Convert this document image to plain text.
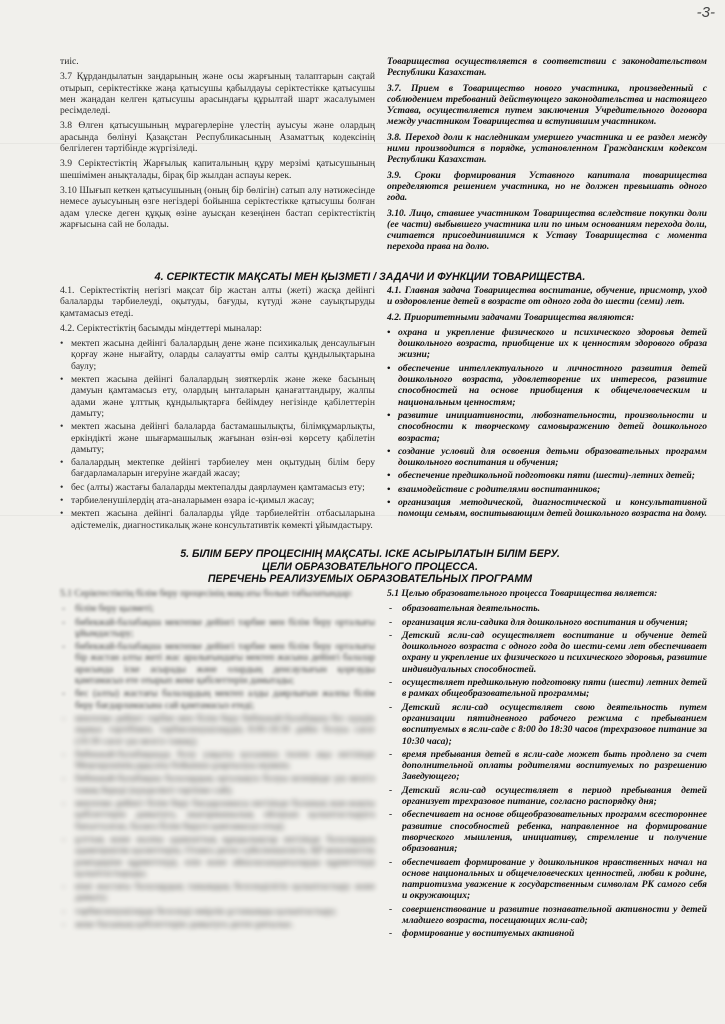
-3-

тиіс.

3.7 Құрдандылатын заңдарының және осы жарғының талаптарын сақтай отырып, серіктестікке жаңа қатысушы қабылдауы серіктестікке қатысушы мен жаңадан келген қатысушы арасындағы құрылтай шарт жасалуымен ресімделеді.

3.8 Өлген қатысушының мұрагерлеріне үлестің ауысуы және олардың арасында бөлінуі Қазақстан Республикасының Азаматтық кодексінің белгілеген тәртібінде жүргізіледі.

3.9 Серіктестіктің Жарғылық капиталының құру мерзімі қатысушының шешімімен анықталады, бірақ бір жылдан аспауы керек.

3.10 Шығып кеткен қатысушының (оның бір бөлігін) сатып алу нәтижесінде немесе ауысуының өзге негіздері бойынша серіктестікке қатысушы болған адам үлеске деген құқық өзіне ауысқан кезеңінен бастап серіктестіктің жарғысына сай не болады.

Товарищества осуществляется в соответствии с законодательством Республики Казахстан.

3.7. Прием в Товарищество нового участника, произведенный с соблюдением требований действующего законодательства и настоящего Устава, осуществляется путем заключения Учредительного договора между участником Товарищества и вступившим участником.

3.8. Переход доли к наследникам умершего участника и ее раздел между ними производится в порядке, установленном Гражданским кодексом Республики Казахстан.

3.9. Сроки формирования Уставного капитала товарищества определяются решением участника, но не должен превышать одного года.

3.10. Лицо, ставшее участником Товарищества вследствие покупки доли (ее части) выбывшего участника или по иным основаниям перехода доли, считается присоединившимся к Уставу Товарищества с момента перехода права на долю.

4. СЕРІКТЕСТІК МАҚСАТЫ МЕН ҚЫЗМЕТІ / ЗАДАЧИ И ФУНКЦИИ ТОВАРИЩЕСТВА.

4.1. Серіктестіктің негізгі мақсат бір жастан алты (жеті) жасқа дейінгі балаларды тәрбиелеуді, оқытуды, бағуды, күтуді және сауықтыруды қамтамасыз етеді.

4.2. Серіктестіктің басымды міндеттері мыналар:

• мектеп жасына дейінгі балалардың дене және психикалық денсаулығын қорғау және нығайту, оларды салауатты өмір салты құндылықтарына баулу;
• мектеп жасына дейінгі балалардың зияткерлік және жеке басының дамуын қамтамасыз ету, олардың ынталарын қанағаттандыру, жалпы адами және ұлттық құндылықтарға бейімдеу негізінде қабілеттерін дамыту;
• мектеп жасына дейінгі балаларда бастамашылықты, білімқұмарлықты, еркіндікті және шығармашылық жағынан өзін-өзі көрсету қабілетін дамыту;
• балалардың мектепке дейінгі тәрбиелеу мен оқытудың білім беру бағдарламаларын игеруіне жағдай жасау;
• бес (алты) жастағы балаларды мектепалды даярлаумен қамтамасыз ету;
• тәрбиеленушілердің ата-аналарымен өзара іс-қимыл жасау;
• мектеп жасына дейінгі балаларды үйде тәрбиелейтін отбасыларына әдістемелік, диагностикалық және консультативтік көмекті ұйымдастыру.

4.1. Главная задача Товарищества воспитание, обучение, присмотр, уход и оздоровление детей в возрасте от одного года до шести (семи) лет.

4.2. Приоритетными задачами Товарищества являются:

• охрана и укрепление физического и психического здоровья детей дошкольного возраста, приобщение их к ценностям здорового образа жизни;
• обеспечение интеллектуального и личностного развития детей дошкольного возраста, удовлетворение их интересов, развитие способностей на основе приобщения к общечеловеческим и национальным ценностям;
• развитие инициативности, любознательности, произвольности и способности к творческому самовыражению детей дошкольного возраста;
• создание условий для освоения детьми образовательных программ дошкольного воспитания и обучения;
• обеспечение предшкольной подготовки пяти (шести)-летних детей;
• взаимодействие с родителями воспитанников;
• организация методической, диагностической и консультативной помощи семьям, воспитывающим детей дошкольного возраста на дому.
5. БІЛІМ БЕРУ ПРОЦЕСІНІҢ МАҚСАТЫ. ІСКЕ АСЫРЫЛАТЫН БІЛІМ БЕРУ.
ЦЕЛИ ОБРАЗОВАТЕЛЬНОГО ПРОЦЕССА.
ПЕРЕЧЕНЬ РЕАЛИЗУЕМЫХ ОБРАЗОВАТЕЛЬНЫХ ПРОГРАММ

5.1 Серіктестіктің білім беру процесінің мақсаты болып табылатындар:

- білім беру қызметі;
- бөбекжай-балабақша мектепке дейінгі тәрбие мен білім беру орталығы ұйымдастыру;
- бөбекжай-балабақша мектепке дейінгі тәрбие мен білім беру орталығы бір жастан алты жеті жас аралығындағы мектеп жасына дейінгі балалар арасында іске асырады және олардың денсаулығын қорғауды қамтамасыз ете отырып жеке қабілеттерін дамытады;
- бес (алты) жастағы балалардың мектеп алды даярлығын жалпы білім беру бағдарламасына сай қамтамасыз етеді;
- мектепке дейінгі тәрбие мен білім беру бөбекжай-балабақша бес күндік жұмыс тәртібімен, тәрбиеленушілердің 8:00-18:30 дейін болуы сағат (10:30 сағат үш мезгіл тамақ);
- бөбекжай-балабақшада болу уақыты қосымша төлем ақы негізінде Меңгерушінің рұқсаты бойынша ұзартылуы мүмкін;
- бөбекжай-балабақша балалардың орталықта болуы кезеңінде үш мезгіл тамақ береді (күнделікті тәртіпке сай);
- мектепке дейінгі білім беру бағдарламасы негізінде баланың жан-жақты қабілеттерін дамытуға, шығармашылық ойлауын қалыптастыруға бағытталған, балаға білім беруге қамтамасыз етеді;
- ұлттық және жалпы адамзаттық құндылықтар негізінде балалардың адамгершілік қасиеттерін, Отанға деген сүйіспеншілігін, ҚР мемлекеттік рәміздеріне құрметтеуді, өзін және айналасындағыларды құрметтеуді қалыптастырады;
- кіші жастағы балалардың танымдық белсенділігін қалыптастыру және дамыту;
- тәрбиеленушілерде белсенді өмірлік ұстанымды қалыптастыру;
- жеке басының қабілеттерін дамытуға деген ұмтылыс.

5.1 Целью образовательного процесса Товарищества является:

- образовательная деятельность.
- организация ясли-садика для дошкольного воспитания и обучения;
- Детский ясли-сад осуществляет воспитание и обучение детей дошкольного возраста с одного года до шести-семи лет обеспечивает охрану и укрепление их физического и психического здоровья, развитие индивидуальных способностей.
- осуществляет предшкольную подготовку пяти (шести) летних детей в рамках общеобразовательной программы;
- Детский ясли-сад осуществляет свою деятельность путем организации пятидневного рабочего режима с пребыванием воспитуемых в ясли-саде с 8:00 до 18:30 часов (трехразовое питание за 10:30 часа);
- время пребывания детей в ясли-саде может быть продлено за счет дополнительной оплаты родителями воспитуемых по разрешению Заведующего;
- Детский ясли-сад осуществляет в период пребывания детей организует трехразовое питание, согласно распорядку дня;
- обеспечивает на основе общеобразовательных программ всестороннее развитие способностей ребенка, направленное на формирование творческого мышления, инициативу, стремление и получение образования;
- обеспечивает формирование у дошкольников нравственных начал на основе национальных и общечеловеческих ценностей, любви к родине, патриотизма уважение к государственным символам РК самого себя и окружающих;
- совершенствование и развитие познавательной активности у детей младшего возраста, посещающих ясли-сад;
- формирование у воспитуемых активной
